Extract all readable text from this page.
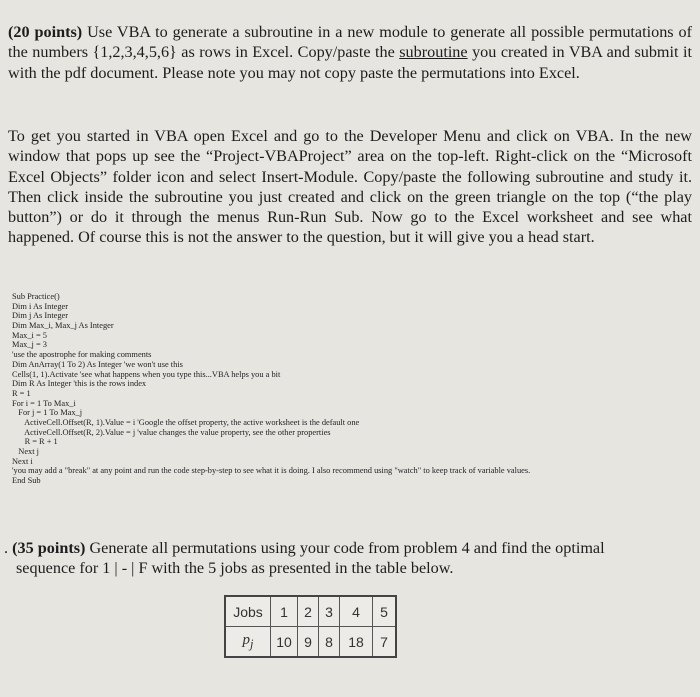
(20 points) Use VBA to generate a subroutine in a new module to generate all possible permutations of the numbers {1,2,3,4,5,6} as rows in Excel. Copy/paste the subroutine you created in VBA and submit it with the pdf document. Please note you may not copy paste the permutations into Excel.

To get you started in VBA open Excel and go to the Developer Menu and click on VBA. In the new window that pops up see the “Project-VBAProject” area on the top-left. Right-click on the “Microsoft Excel Objects” folder icon and select Insert-Module. Copy/paste the following subroutine and study it. Then click inside the subroutine you just created and click on the green triangle on the top (“the play button”) or do it through the menus Run-Run Sub. Now go to the Excel worksheet and see what happened. Of course this is not the answer to the question, but it will give you a head start.

Sub Practice()
Dim i As Integer
Dim j As Integer
Dim Max_i, Max_j As Integer
Max_i = 5
Max_j = 3
'use the apostrophe for making comments
Dim AnArray(1 To 2) As Integer 'we won't use this
Cells(1, 1).Activate 'see what happens when you type this...VBA helps you a bit
Dim R As Integer 'this is the rows index
R = 1
For i = 1 To Max_i
For j = 1 To Max_j
ActiveCell.Offset(R, 1).Value = i 'Google the offset property, the active worksheet is the default one
ActiveCell.Offset(R, 2).Value = j 'value changes the value property, see the other properties
R = R + 1
Next j
Next i
'you may add a "break" at any point and run the code step-by-step to see what it is doing. I also recommend using "watch" to keep track of variable values.
End Sub
. (35 points) Generate all permutations using your code from problem 4 and find the optimal
sequence for 1 | - | F with the 5 jobs as presented in the table below.
Jobs	1	2	3	4	5
$p_j$	10	9	8	18	7
